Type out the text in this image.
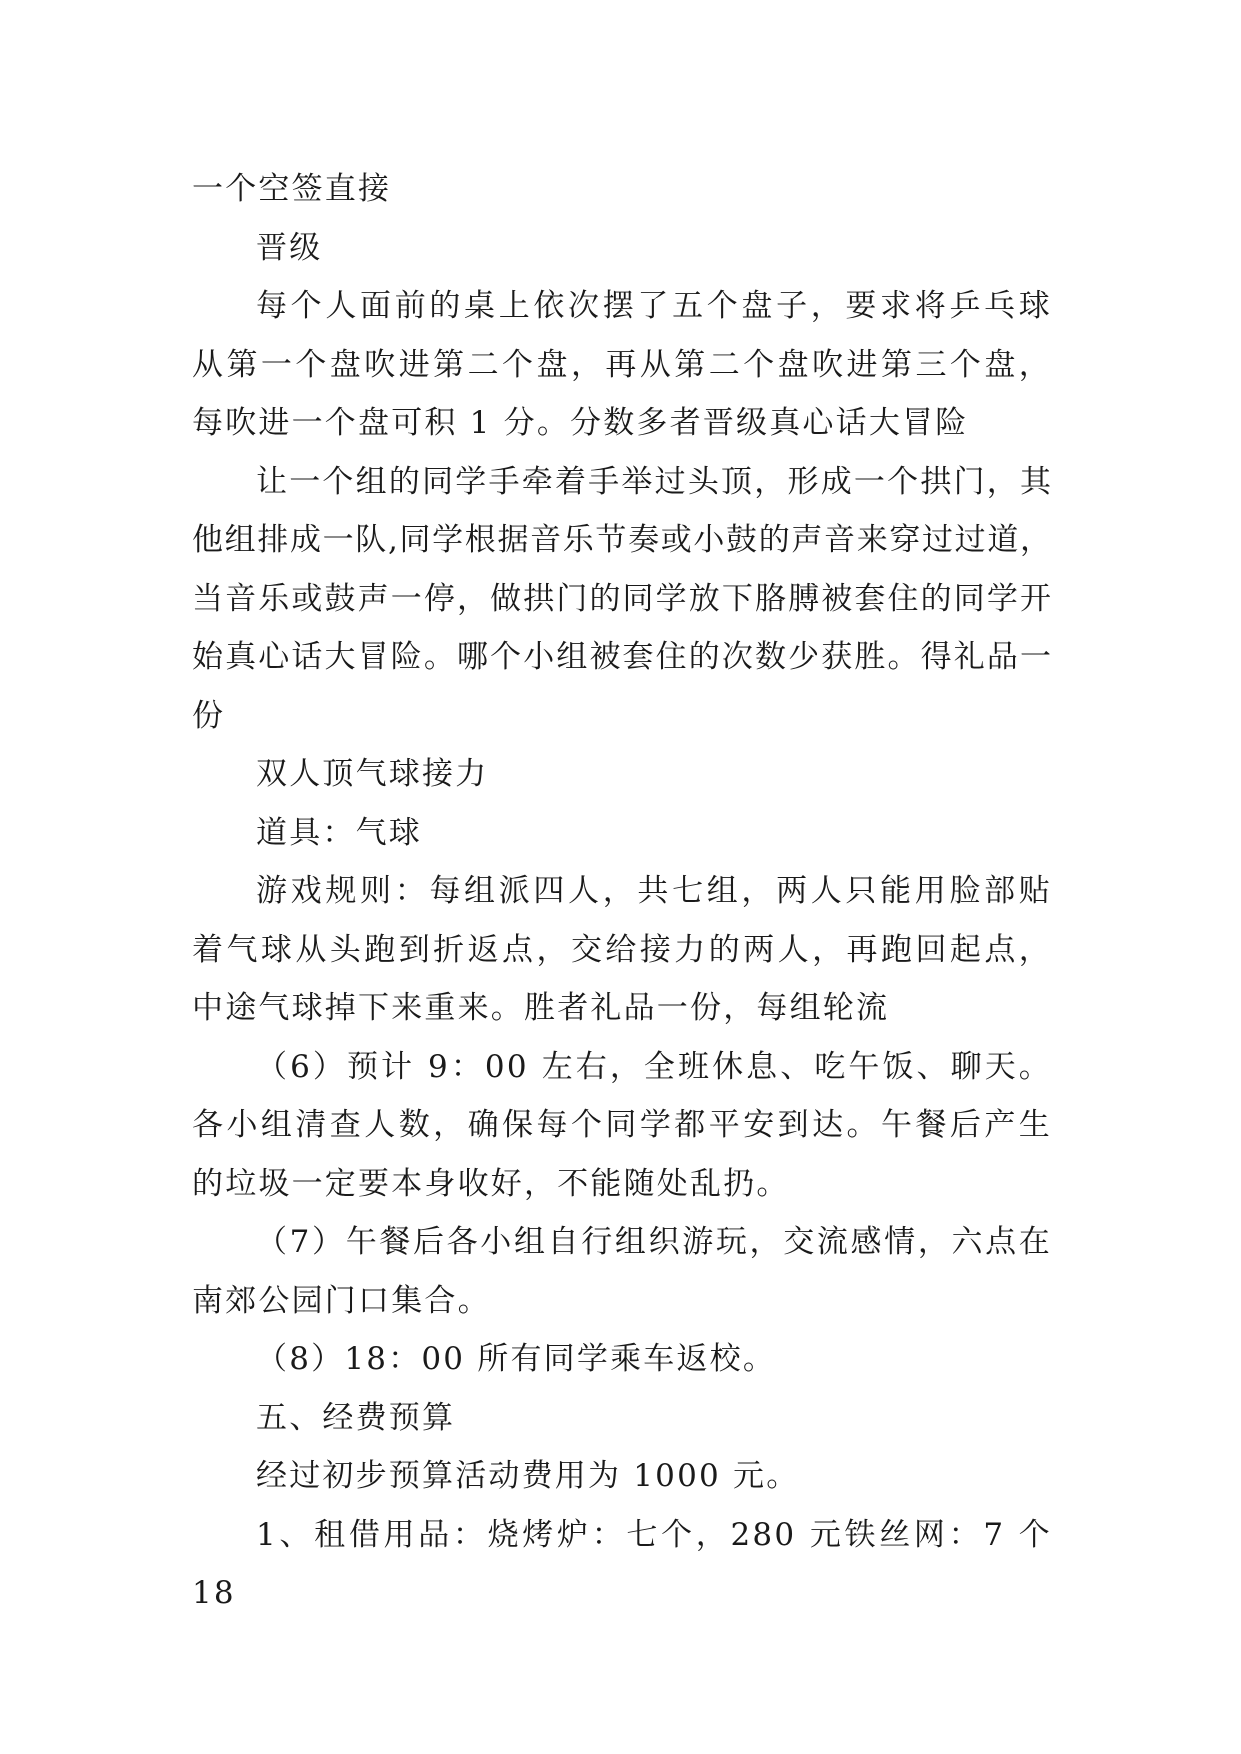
一个空签直接

晋级

每个人面前的桌上依次摆了五个盘子，要求将乒乓球从第一个盘吹进第二个盘，再从第二个盘吹进第三个盘，每吹进一个盘可积 1 分。分数多者晋级真心话大冒险

让一个组的同学手牵着手举过头顶，形成一个拱门，其他组排成一队,同学根据音乐节奏或小鼓的声音来穿过过道，当音乐或鼓声一停，做拱门的同学放下胳膊被套住的同学开始真心话大冒险。哪个小组被套住的次数少获胜。得礼品一份

双人顶气球接力

道具：气球

游戏规则：每组派四人，共七组，两人只能用脸部贴着气球从头跑到折返点，交给接力的两人，再跑回起点，中途气球掉下来重来。胜者礼品一份，每组轮流

（6）预计 9：00 左右，全班休息、吃午饭、聊天。各小组清查人数，确保每个同学都平安到达。午餐后产生的垃圾一定要本身收好，不能随处乱扔。

（7）午餐后各小组自行组织游玩，交流感情，六点在南郊公园门口集合。

（8）18：00 所有同学乘车返校。

五、经费预算

经过初步预算活动费用为 1000 元。

1、租借用品：烧烤炉：七个，280 元铁丝网：7 个 18
